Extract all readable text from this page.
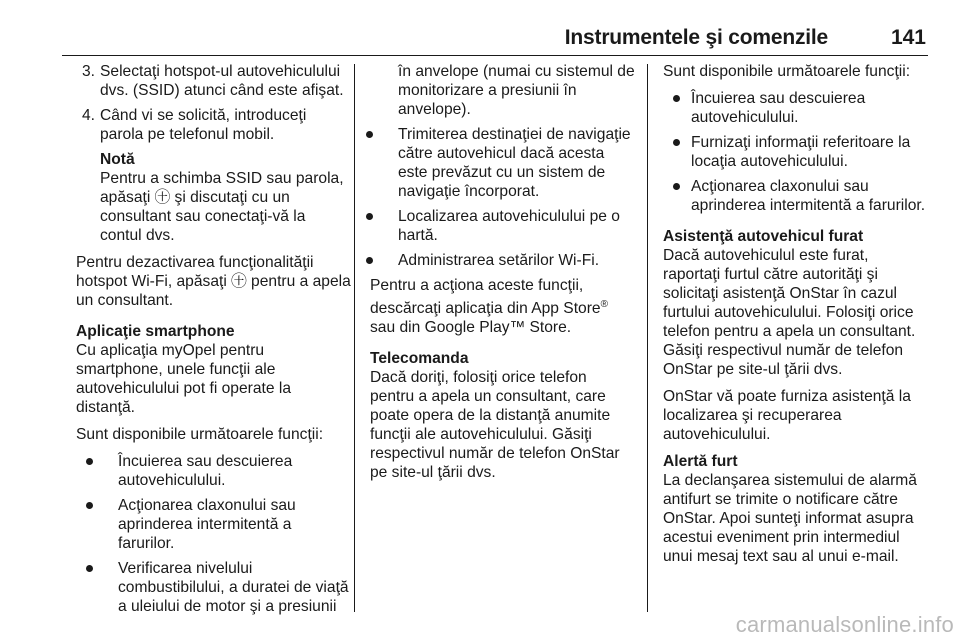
Instrumentele şi comenzile	141
3. Selectaţi hotspot-ul autovehiculului dvs. (SSID) atunci când este afişat.
4. Când vi se solicită, introduceţi parola pe telefonul mobil.

Notă
Pentru a schimba SSID sau parola, apăsaţi ㊉ şi discutaţi cu un consultant sau conectaţi-vă la contul dvs.

Pentru dezactivarea funcţionalităţii hotspot Wi-Fi, apăsaţi ㊉ pentru a apela un consultant.

Aplicaţie smartphone

Cu aplicaţia myOpel pentru smartphone, unele funcţii ale autovehiculului pot fi operate la distanţă.

Sunt disponibile următoarele funcţii:

Încuierea sau descuierea autovehiculului.
Acţionarea claxonului sau aprinderea intermitentă a farurilor.
Verificarea nivelului combustibilului, a duratei de viaţă a uleiului de motor şi a presiunii

în anvelope (numai cu sistemul de monitorizare a presiunii în anvelope).

Trimiterea destinaţiei de navigaţie către autovehicul dacă acesta este prevăzut cu un sistem de navigaţie încorporat.
Localizarea autovehiculului pe o hartă.
Administrarea setărilor Wi-Fi.

Pentru a acţiona aceste funcţii, descărcaţi aplicaţia din App Store® sau din Google Play™ Store.

Telecomanda

Dacă doriţi, folosiţi orice telefon pentru a apela un consultant, care poate opera de la distanţă anumite funcţii ale autovehiculului. Găsiţi respectivul număr de telefon OnStar pe site-ul ţării dvs.

Sunt disponibile următoarele funcţii:

Încuierea sau descuierea autovehiculului.
Furnizaţi informaţii referitoare la locaţia autovehiculului.
Acţionarea claxonului sau aprinderea intermitentă a farurilor.

Asistenţă autovehicul furat

Dacă autovehiculul este furat, raportaţi furtul către autorităţi şi solicitaţi asistenţă OnStar în cazul furtului autovehiculului. Folosiţi orice telefon pentru a apela un consultant. Găsiţi respectivul număr de telefon OnStar pe site-ul ţării dvs.

OnStar vă poate furniza asistenţă la localizarea şi recuperarea autovehiculului.

Alertă furt

La declanşarea sistemului de alarmă antifurt se trimite o notificare către OnStar. Apoi sunteţi informat asupra acestui eveniment prin intermediul unui mesaj text sau al unui e-mail.

carmanualsonline.info
